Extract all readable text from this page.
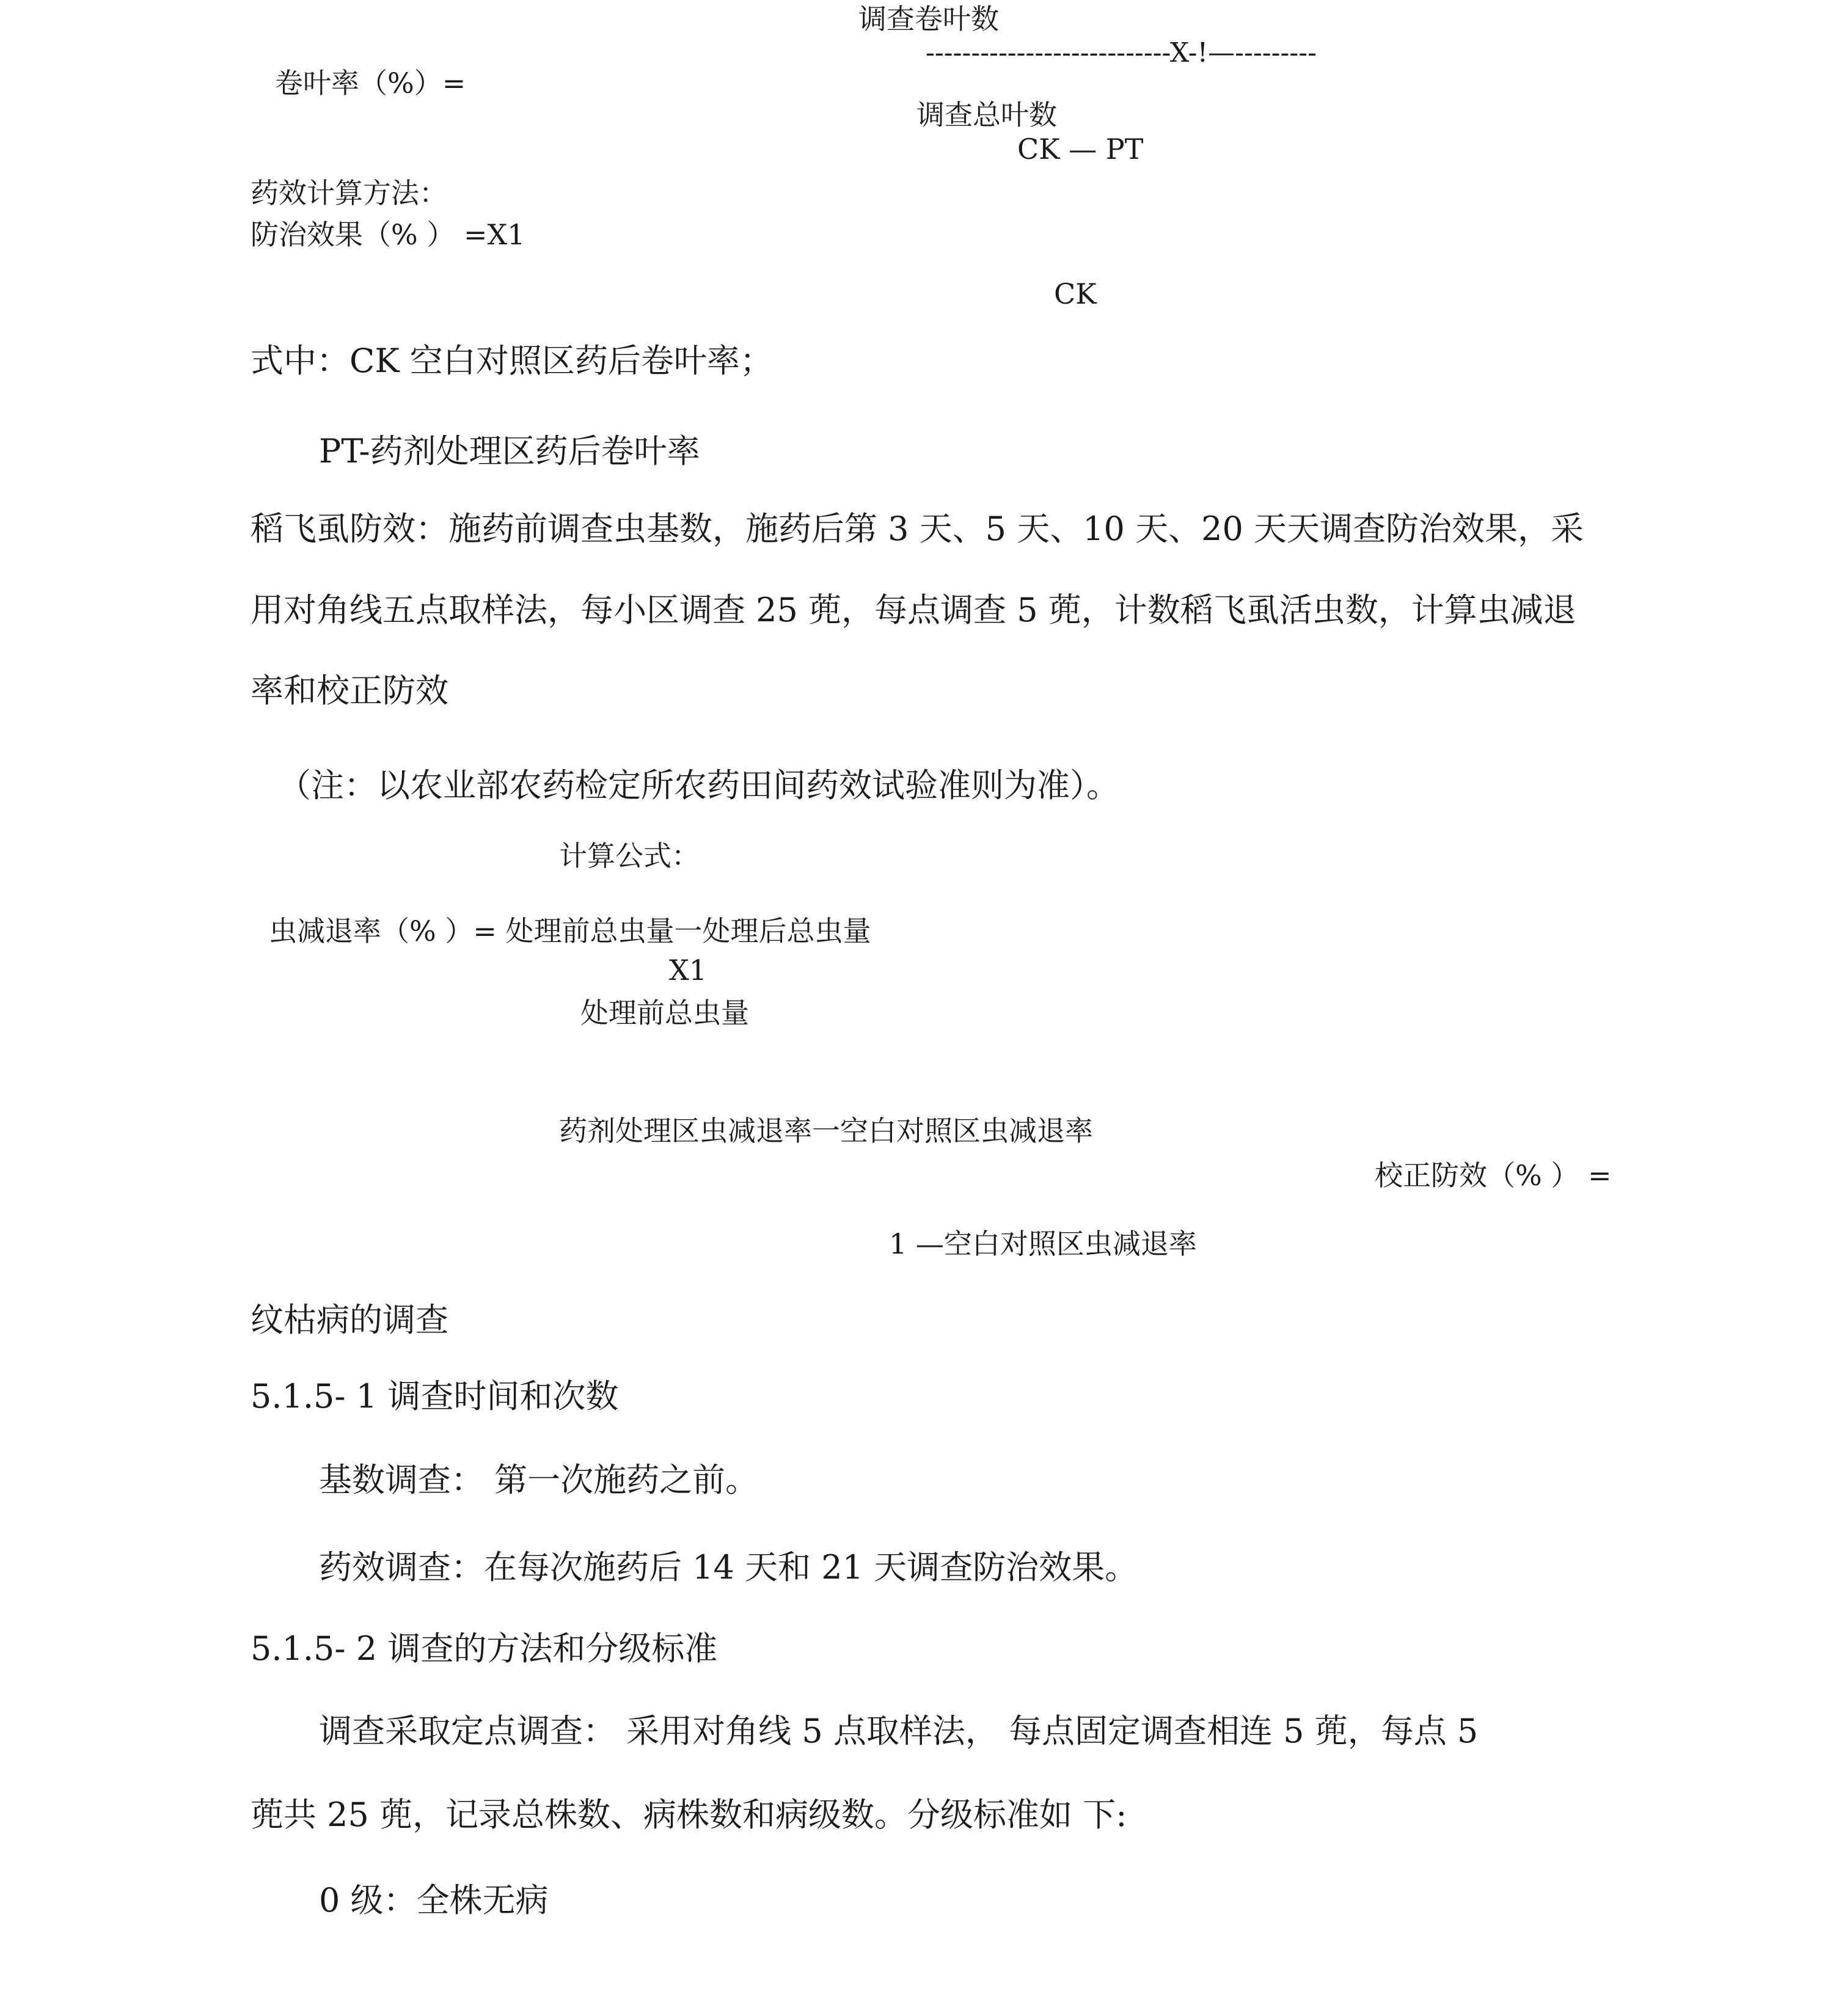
调查卷叶数

---------------------------X-!—---------

卷叶率（%）=

调查总叶数

CK — PT

药效计算方法：

防治效果（% ） =X1

CK

式中：CK 空白对照区药后卷叶率；

PT-药剂处理区药后卷叶率

稻飞虱防效：施药前调查虫基数，施药后第 3 天、5 天、10 天、20 天天调查防治效果，采

用对角线五点取样法，每小区调查 25 蔸，每点调查 5 蔸，计数稻飞虱活虫数，计算虫减退

率和校正防效

（注：以农业部农药检定所农药田间药效试验准则为准）。

计算公式：

虫减退率（% ）= 处理前总虫量一处理后总虫量

X1

处理前总虫量

药剂处理区虫减退率一空白对照区虫减退率

校正防效（% ） =

1 —空白对照区虫减退率

纹枯病的调查

5.1.5- 1 调查时间和次数

基数调查： 第一次施药之前。

药效调查：在每次施药后 14 天和 21 天调查防治效果。

5.1.5- 2 调查的方法和分级标准

调查采取定点调查： 采用对角线 5 点取样法， 每点固定调查相连 5 蔸，每点 5

蔸共 25 蔸，记录总株数、病株数和病级数。分级标准如 下:

0 级：全株无病
